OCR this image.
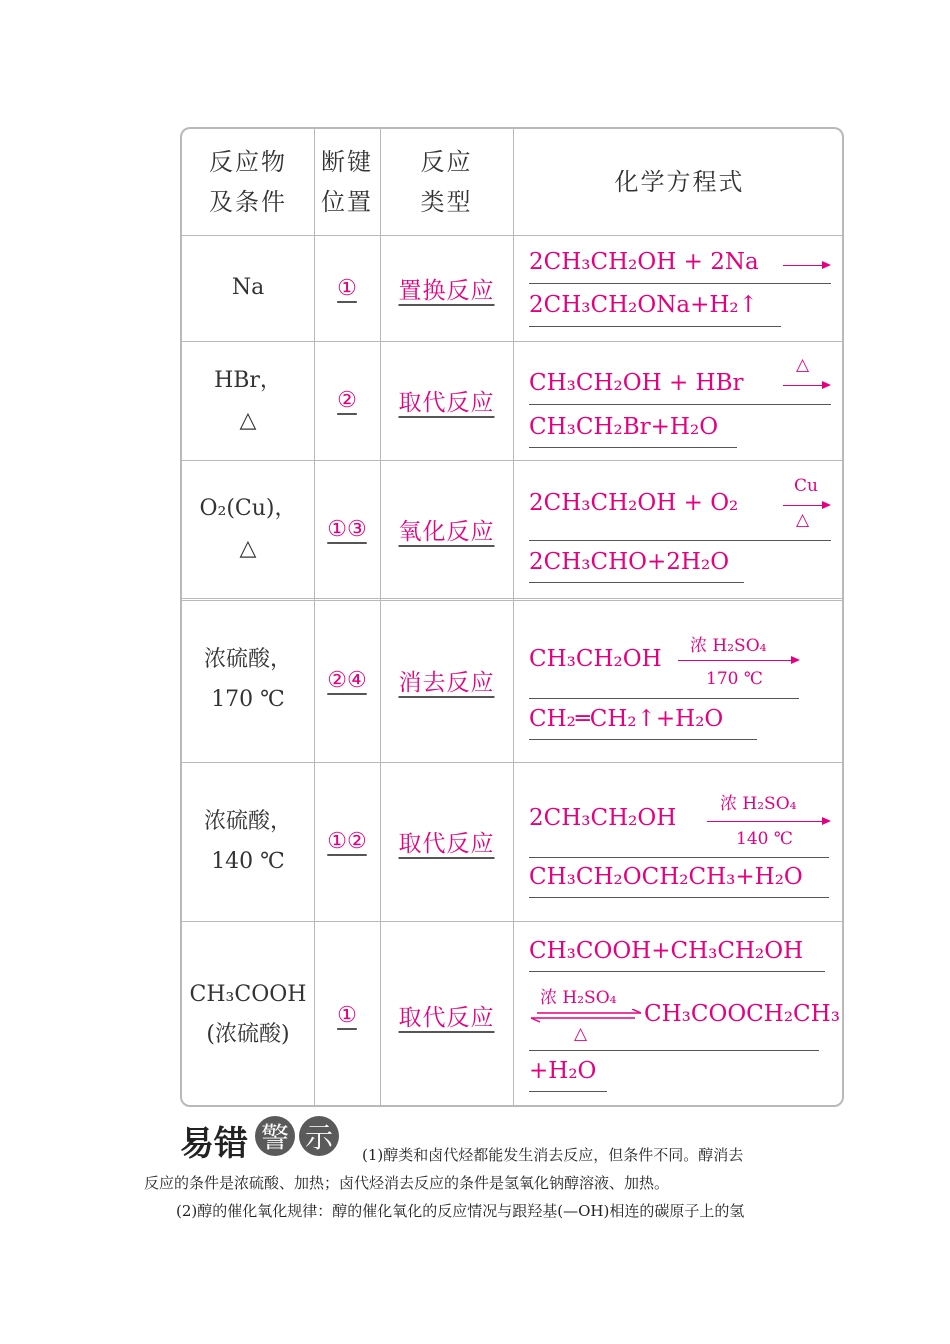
反应物
及条件
断键
位置
反应
类型
化学方程式
Na	① 置换反应
2CH₃CH₂OH + 2Na
2CH₃CH₂ONa+H₂↑
HBr，
△
② 取代反应
CH₃CH₂OH + HBr
△
CH₃CH₂Br+H₂O
O₂(Cu)，
△
①③ 氧化反应
2CH₃CH₂OH + O₂
Cu
△
2CH₃CHO+2H₂O
浓硫酸，
170 ℃
②④ 消去反应
CH₃CH₂OH 浓 H₂SO₄
170 ℃
CH₂═CH₂↑+H₂O
浓硫酸，
140 ℃
①② 取代反应
2CH₃CH₂OH
浓 H₂SO₄
140 ℃
CH₃CH₂OCH₂CH₃+H₂O
CH₃COOH
(浓硫酸)
① 取代反应
CH₃COOH+CH₃CH₂OH
浓 H₂SO₄
△
CH₃COOCH₂CH₃
+H₂O
易错 警 示
(1)醇类和卤代烃都能发生消去反应，但条件不同。醇消去
反应的条件是浓硫酸、加热；卤代烃消去反应的条件是氢氧化钠醇溶液、加热。
(2)醇的催化氧化规律：醇的催化氧化的反应情况与跟羟基(—OH)相连的碳原子上的氢
